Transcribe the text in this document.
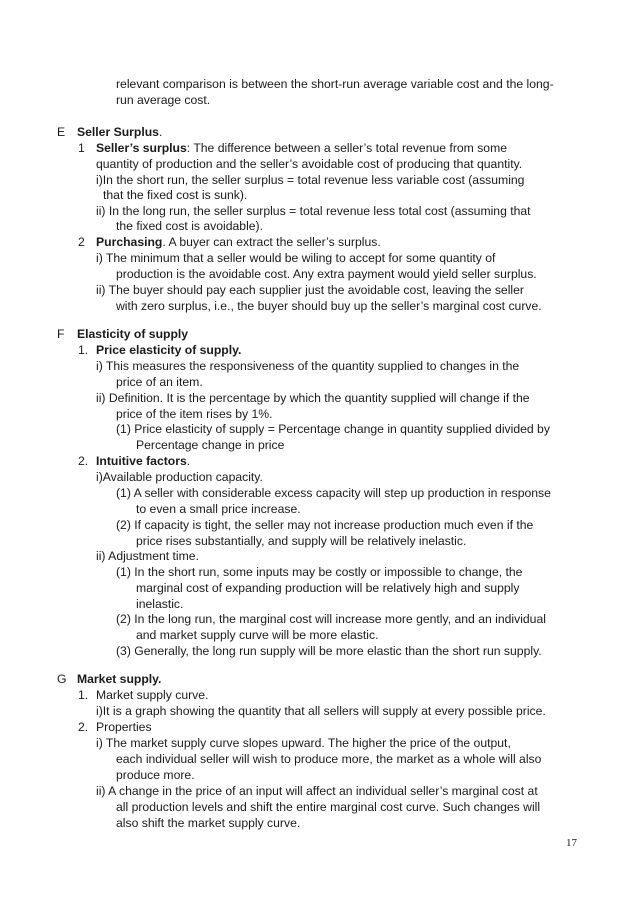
relevant comparison is between the short-run average variable cost and the long-
run average cost.
E Seller Surplus.
1 Seller’s surplus: The difference between a seller’s total revenue from some
quantity of production and the seller’s avoidable cost of producing that quantity.
i)In the short run, the seller surplus = total revenue less variable cost (assuming
that the fixed cost is sunk).
ii) In the long run, the seller surplus = total revenue less total cost (assuming that
the fixed cost is avoidable).
2 Purchasing. A buyer can extract the seller’s surplus.
i) The minimum that a seller would be wiling to accept for some quantity of
production is the avoidable cost. Any extra payment would yield seller surplus.
ii) The buyer should pay each supplier just the avoidable cost, leaving the seller
with zero surplus, i.e., the buyer should buy up the seller’s marginal cost curve.
F Elasticity of supply
1. Price elasticity of supply.
i) This measures the responsiveness of the quantity supplied to changes in the
price of an item.
ii) Definition. It is the percentage by which the quantity supplied will change if the
price of the item rises by 1%.
(1) Price elasticity of supply = Percentage change in quantity supplied divided by
Percentage change in price
2. Intuitive factors.
i)Available production capacity.
(1) A seller with considerable excess capacity will step up production in response
to even a small price increase.
(2) If capacity is tight, the seller may not increase production much even if the
price rises substantially, and supply will be relatively inelastic.
ii) Adjustment time.
(1) In the short run, some inputs may be costly or impossible to change, the
marginal cost of expanding production will be relatively high and supply
inelastic.
(2) In the long run, the marginal cost will increase more gently, and an individual
and market supply curve will be more elastic.
(3) Generally, the long run supply will be more elastic than the short run supply.
G Market supply.
1. Market supply curve.
i)It is a graph showing the quantity that all sellers will supply at every possible price.
2. Properties
i) The market supply curve slopes upward. The higher the price of the output,
each individual seller will wish to produce more, the market as a whole will also
produce more.
ii) A change in the price of an input will affect an individual seller’s marginal cost at
all production levels and shift the entire marginal cost curve. Such changes will
also shift the market supply curve.
17
